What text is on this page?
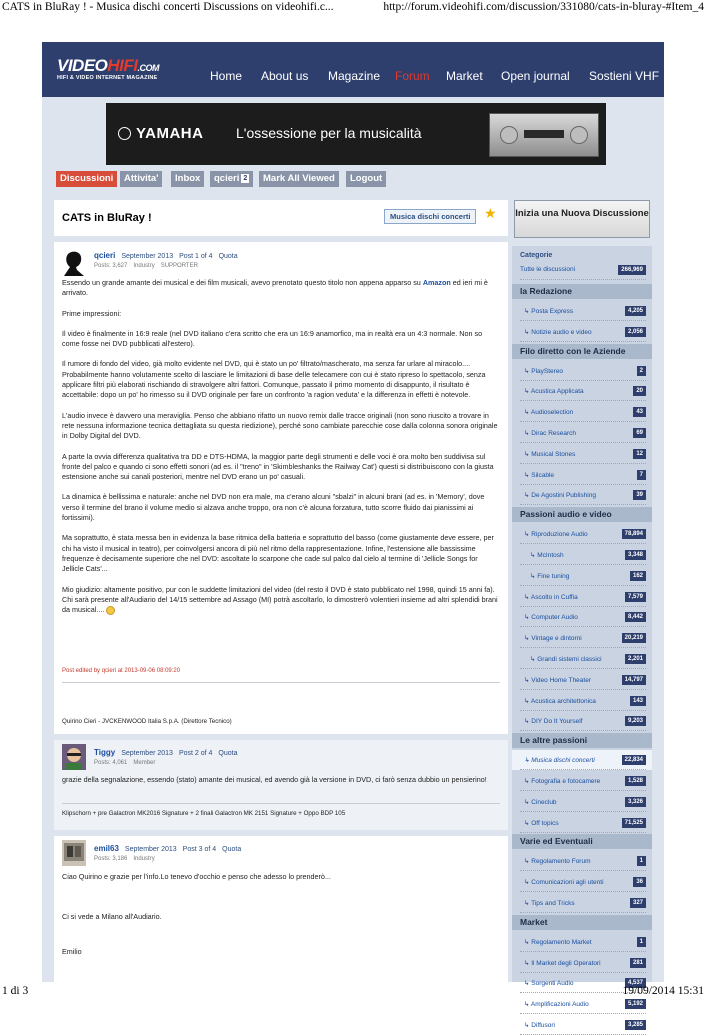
CATS in BluRay ! - Musica dischi concerti Discussions on videohifi.c...	http://forum.videohifi.com/discussion/331080/cats-in-bluray-#Item_4
VIDEOHIFI.COM
HIFI & VIDEO INTERNET MAGAZINE	Home About us Magazine Forum Market Open journal Sostieni VHF
YAMAHA L'ossessione per la musicalità
Discussioni	Attivita'	Inbox	qcieri 2	Mark All Viewed	Logout
CATS in BluRay !	Musica dischi concerti ★
qcieri September 2013 Post 1 of 4 Quota
Posts: 3,627 Industry SUPPORTER

Essendo un grande amante dei musical e dei film musicali, avevo prenotato questo titolo non appena apparso su Amazon ed ieri mi è arrivato.

Prime impressioni:

Il video è finalmente in 16:9 reale (nel DVD italiano c'era scritto che era un 16:9 anamorfico, ma in realtà era un 4:3 normale. Non so come fosse nei DVD pubblicati all'estero).

Il rumore di fondo del video, già molto evidente nel DVD, qui è stato un po' filtrato/mascherato, ma senza far urlare al miracolo....

Probabilmente hanno volutamente scelto di lasciare le limitazioni di base delle telecamere con cui è stato ripreso lo spettacolo, senza applicare filtri più elaborati rischiando di stravolgere altri fattori. Comunque, passato il primo momento di disappunto, il risultato è accettabile: dopo un po' ho rimesso su il DVD originale per fare un confronto 'a ragion veduta' e la differenza in effetti è notevole.

L'audio invece è davvero una meraviglia. Penso che abbiano rifatto un nuovo remix dalle tracce originali (non sono riuscito a trovare in rete nessuna informazione tecnica dettagliata su questa riedizione), perché sono cambiate parecchie cose dalla colonna sonora originale in Dolby Digital del DVD.

A parte la ovvia differenza qualitativa tra DD e DTS-HDMA, la maggior parte degli strumenti e delle voci è ora molto ben suddivisa sul fronte del palco e quando ci sono effetti sonori (ad es. il "treno" in 'Skimbleshanks the Railway Cat') questi si distribuiscono con la giusta estensione anche sui canali posteriori, mentre nel DVD erano un po' casuali.

La dinamica è bellissima e naturale: anche nel DVD non era male, ma c'erano alcuni "sbalzi" in alcuni brani (ad es. in 'Memory', dove verso il termine del brano il volume medio si alzava anche troppo, ora non c'è alcuna forzatura, tutto scorre fluido dai pianissimi ai fortissimi).

Ma soprattutto, è stata messa ben in evidenza la base ritmica della batteria e soprattutto del basso (come giustamente deve essere, per chi ha visto il musical in teatro), per coinvolgersi ancora di più nel ritmo della rappresentazione. Infine, l'estensione alle bassissime frequenze è decisamente superiore che nel DVD: ascoltate lo scarpone che cade sul palco dal cielo al termine di 'Jellicle Songs for Jellicle Cats'...

Mio giudizio: altamente positivo, pur con le suddette limitazioni del video (del resto il DVD è stato pubblicato nel 1998, quindi 15 anni fa).

Chi sarà presente all'Audiario del 14/15 settembre ad Assago (MI) potrà ascoltarlo, lo dimostrerò volentieri insieme ad altri splendidi brani da musical....

Post edited by qcieri at 2013-09-06 08:09:20
Quirino Cieri - JVCKENWOOD Italia S.p.A. (Direttore Tecnico)
Tiggy September 2013 Post 2 of 4 Quota
Posts: 4,061 Member

grazie della segnalazione, essendo (stato) amante dei musical, ed avendo già la versione in DVD, ci farò senza dubbio un pensierino!

Klipschorn + pre Galactron MK2016 Signature + 2 finali Galactron MK 2151 Signature + Oppo BDP 105
emil63 September 2013 Post 3 of 4 Quota
Posts: 3,186 Industry

Ciao Quirino e grazie per l'info.Lo tenevo d'occhio e penso che adesso lo prenderò...

Ci si vede a Milano all'Audiario.

Emilio

Inizia una Nuova Discussione
Categorie
Tutte le discussioni	266,969
la Redazione
↳ Posta Express	4,205
↳ Notizie audio e video	2,056
Filo diretto con le Aziende
↳ PlayStereo	2
↳ Acustica Applicata	20
↳ Audioselection	43
↳ Dirac Research	69
↳ Musical Stones	12
↳ Silcable	7
↳ De Agostini Publishing	39
Passioni audio e video
↳ Riproduzione Audio	78,894
↳ McIntosh	3,348
↳ Fine tuning	162
↳ Ascolto in Cuffia	7,579
↳ Computer Audio	8,442
↳ Vintage e dintorni	20,219
↳ Grandi sistemi classici	2,201
↳ Video Home Theater	14,797
↳ Acustica architettonica	143
↳ DIY Do It Yourself	9,203
Le altre passioni
↳ Musica dischi concerti	22,834
↳ Fotografia e fotocamere	1,528
↳ Cineclub	3,326
↳ Off topics	71,525
Varie ed Eventuali
↳ Regolamento Forum	1
↳ Comunicazioni agli utenti	36
↳ Tips and Tricks	327
Market
↳ Regolamento Market	1
↳ Il Market degli Operatori	281
↳ Sorgenti Audio	4,537
↳ Amplificazioni Audio	5,192
↳ Diffusori	3,285
1 di 3	19/09/2014 15:31
